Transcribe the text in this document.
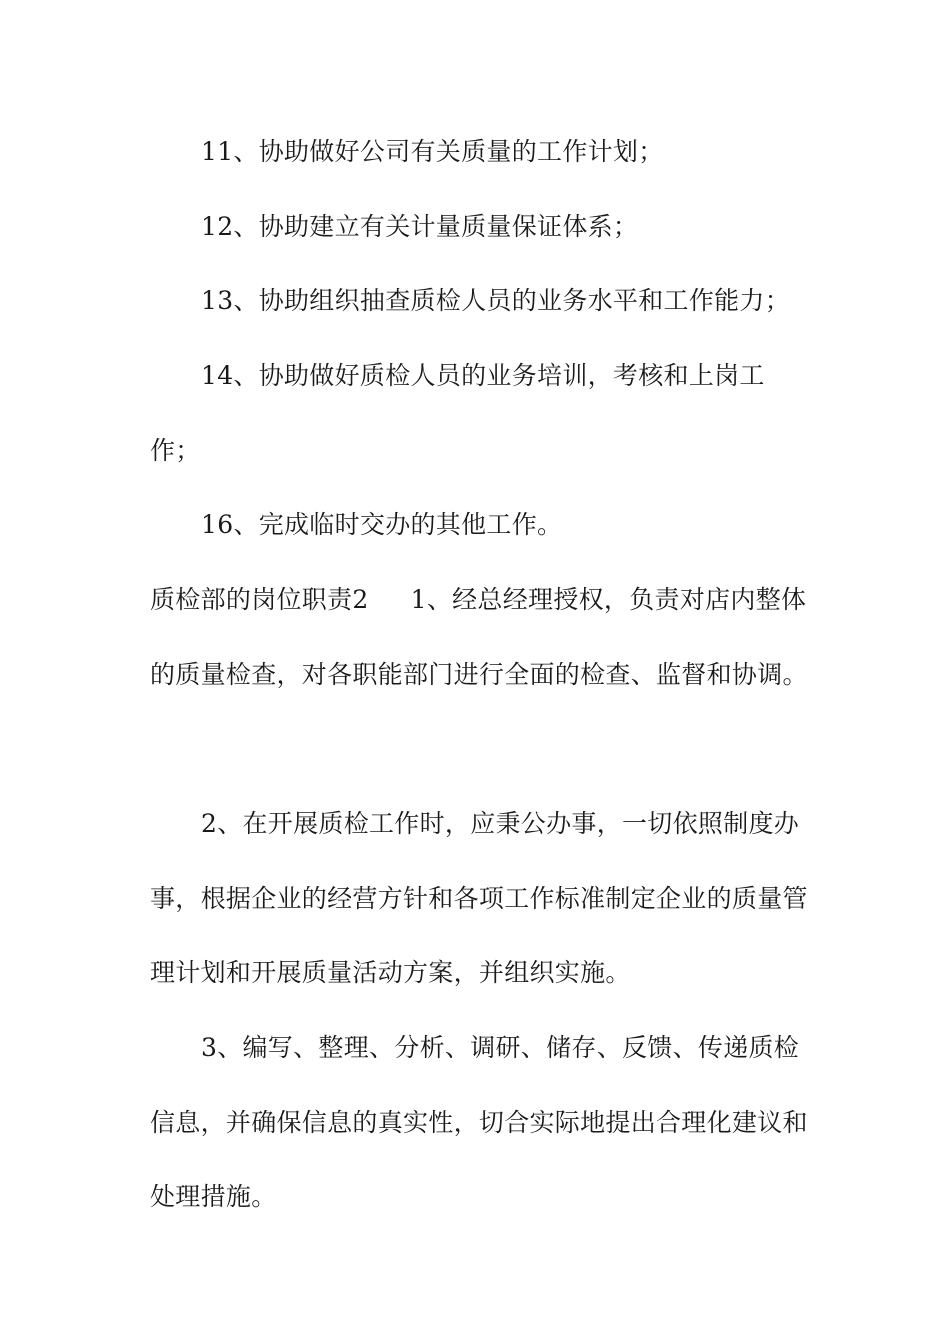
11、协助做好公司有关质量的工作计划；

12、协助建立有关计量质量保证体系；

13、协助组织抽查质检人员的业务水平和工作能力；

14、协助做好质检人员的业务培训，考核和上岗工作；

16、完成临时交办的其他工作。

质检部的岗位职责2 1、经总经理授权，负责对店内整体的质量检查，对各职能部门进行全面的检查、监督和协调。

2、在开展质检工作时，应秉公办事，一切依照制度办事，根据企业的经营方针和各项工作标准制定企业的质量管理计划和开展质量活动方案，并组织实施。

3、编写、整理、分析、调研、储存、反馈、传递质检信息，并确保信息的真实性，切合实际地提出合理化建议和处理措施。
